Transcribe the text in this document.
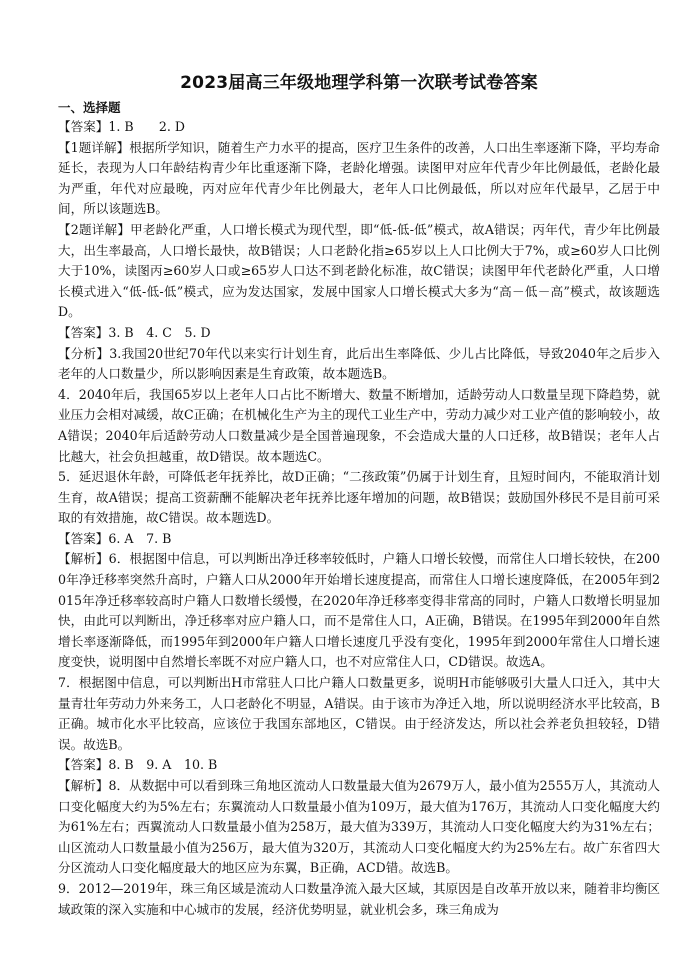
2023届高三年级地理学科第一次联考试卷答案
一、选择题

【答案】1. B　　2. D

【1题详解】根据所学知识，随着生产力水平的提高，医疗卫生条件的改善，人口出生率逐渐下降，平均寿命延长，表现为人口年龄结构青少年比重逐渐下降，老龄化增强。读图甲对应年代青少年比例最低，老龄化最为严重，年代对应最晚，丙对应年代青少年比例最大，老年人口比例最低，所以对应年代最早，乙居于中间，所以该题选B。

【2题详解】甲老龄化严重，人口增长模式为现代型，即“低-低-低”模式，故A错误；丙年代，青少年比例最大，出生率最高，人口增长最快，故B错误；人口老龄化指≥65岁以上人口比例大于7%，或≥60岁人口比例大于10%，读图丙≥60岁人口或≥65岁人口达不到老龄化标准，故C错误；读图甲年代老龄化严重，人口增长模式进入“低-低-低”模式，应为发达国家，发展中国家人口增长模式大多为“高－低－高”模式，故该题选D。

【答案】3. B　4. C　5. D

【分析】3.我国20世纪70年代以来实行计划生育，此后出生率降低、少儿占比降低，导致2040年之后步入老年的人口数量少，所以影响因素是生育政策，故本题选B。

4．2040年后，我国65岁以上老年人口占比不断增大、数量不断增加，适龄劳动人口数量呈现下降趋势，就业压力会相对减缓，故C正确；在机械化生产为主的现代工业生产中，劳动力减少对工业产值的影响较小，故A错误；2040年后适龄劳动人口数量减少是全国普遍现象，不会造成大量的人口迁移，故B错误；老年人占比越大，社会负担越重，故D错误。故本题选C。

5．延迟退休年龄，可降低老年抚养比，故D正确；“二孩政策”仍属于计划生育，且短时间内，不能取消计划生育，故A错误；提高工资薪酬不能解决老年抚养比逐年增加的问题，故B错误；鼓励国外移民不是目前可采取的有效措施，故C错误。故本题选D。

【答案】6. A　7. B

【解析】6．根据图中信息，可以判断出净迁移率较低时，户籍人口增长较慢，而常住人口增长较快，在2000年净迁移率突然升高时，户籍人口从2000年开始增长速度提高，而常住人口增长速度降低，在2005年到2015年净迁移率较高时户籍人口数增长缓慢，在2020年净迁移率变得非常高的同时，户籍人口数增长明显加快，由此可以判断出，净迁移率对应户籍人口，而不是常住人口，A正确，B错误。在1995年到2000年自然增长率逐渐降低，而1995年到2000年户籍人口增长速度几乎没有变化，1995年到2000年常住人口增长速度变快，说明图中自然增长率既不对应户籍人口，也不对应常住人口，CD错误。故选A。

7．根据图中信息，可以判断出H市常驻人口比户籍人口数量更多，说明H市能够吸引大量人口迁入，其中大量青壮年劳动力外来务工，人口老龄化不明显，A错误。由于该市为净迁入地，所以说明经济水平比较高，B正确。城市化水平比较高，应该位于我国东部地区，C错误。由于经济发达，所以社会养老负担较轻，D错误。故选B。

【答案】8. B　9. A　10. B

【解析】8．从数据中可以看到珠三角地区流动人口数量最大值为2679万人，最小值为2555万人，其流动人口变化幅度大约为5%左右；东翼流动人口数量最小值为109万，最大值为176万，其流动人口变化幅度大约为61%左右；西翼流动人口数量最小值为258万，最大值为339万，其流动人口变化幅度大约为31%左右；山区流动人口数量最小值为256万，最大值为320万，其流动人口变化幅度大约为25%左右。故广东省四大分区流动人口变化幅度最大的地区应为东翼，B正确，ACD错。故选B。

9．2012—2019年，珠三角区域是流动人口数量净流入最大区域，其原因是自改革开放以来，随着非均衡区域政策的深入实施和中心城市的发展，经济优势明显，就业机会多，珠三角成为
